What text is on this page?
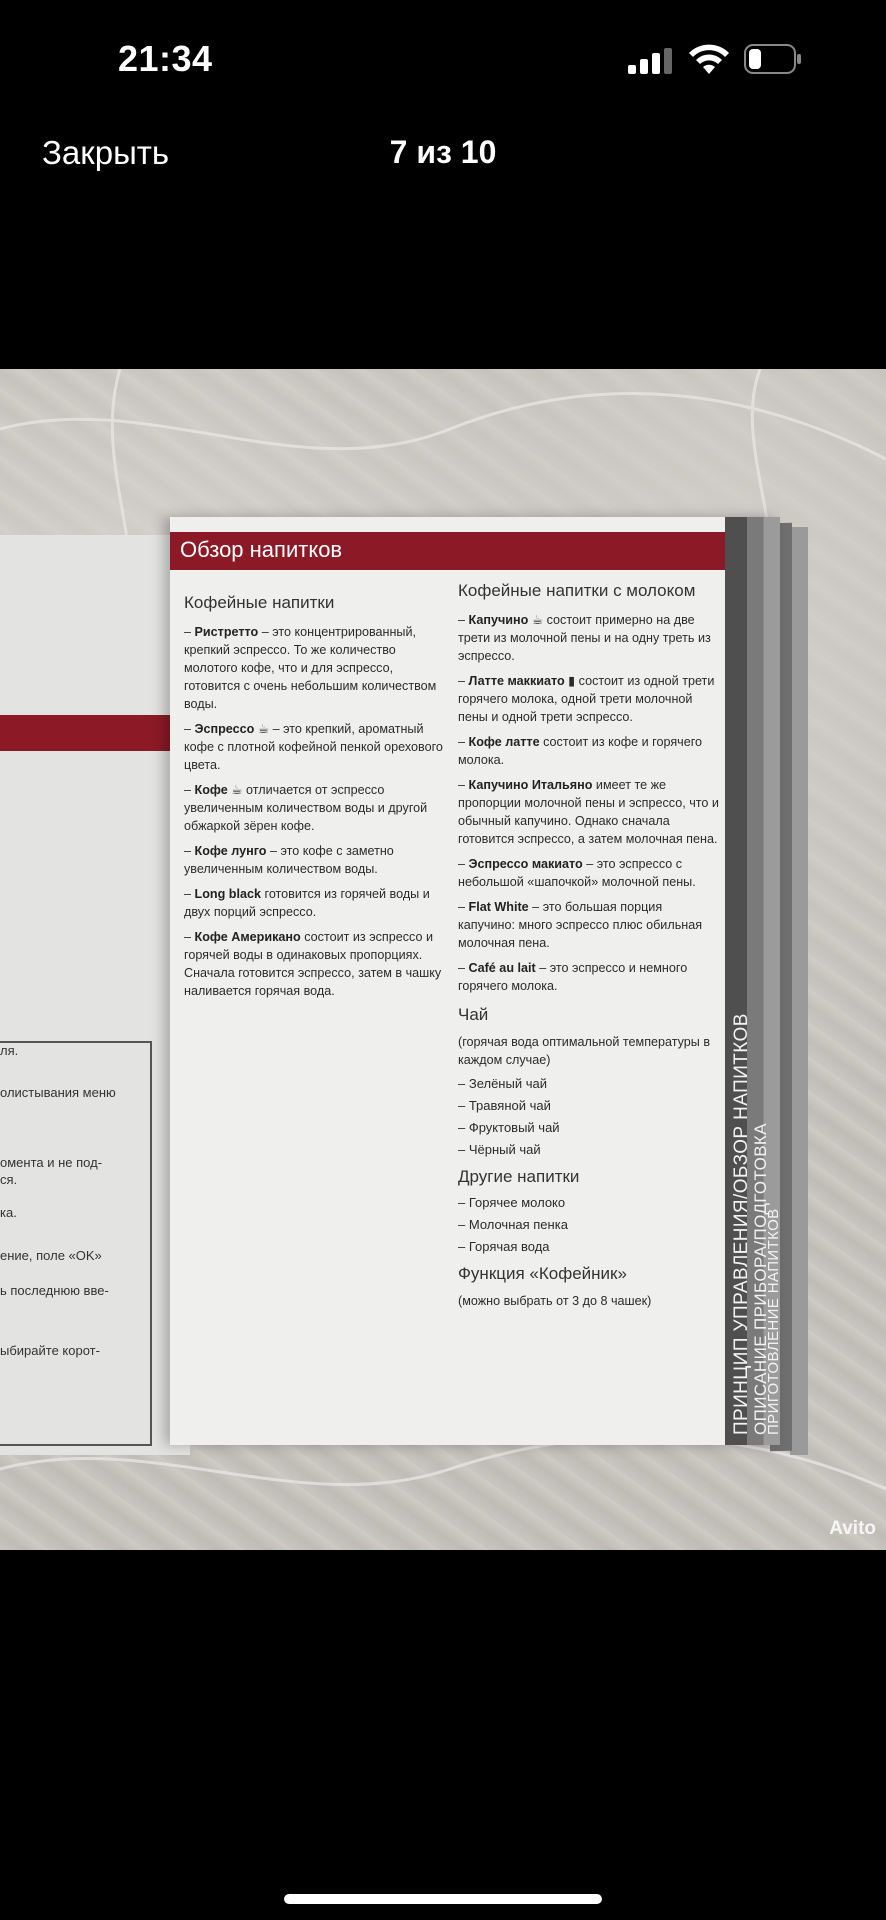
21:34
Закрыть	7 из 10
ля.
олистывания меню
омента и не под-
ся.
ка.
ение, поле «OK»
ь последнюю вве-
ыбирайте корот-
Обзор напитков
Кофейные напитки

– Ристретто – это концентрированный, крепкий эспрессо. То же количество молотого кофе, что и для эспрессо, готовится с очень небольшим количеством воды.

– Эспрессо ☕ – это крепкий, ароматный кофе с плотной кофейной пенкой орехового цвета.

– Кофе ☕ отличается от эспрессо увеличенным количеством воды и другой обжаркой зёрен кофе.

– Кофе лунго – это кофе с заметно увеличенным количеством воды.

– Long black готовится из горячей воды и двух порций эспрессо.

– Кофе Американо состоит из эспрессо и горячей воды в одинаковых пропорциях. Сначала готовится эспрессо, затем в чашку наливается горячая вода.

Кофейные напитки с молоком

– Капучино ☕ состоит примерно на две трети из молочной пены и на одну треть из эспрессо.

– Латте маккиато ▮ состоит из одной трети горячего молока, одной трети молочной пены и одной трети эспрессо.

– Кофе латте состоит из кофе и горячего молока.

– Капучино Итальяно имеет те же пропорции молочной пены и эспрессо, что и обычный капучино. Однако сначала готовится эспрессо, а затем молочная пена.

– Эспрессо макиато – это эспрессо с небольшой «шапочкой» молочной пены.

– Flat White – это большая порция капучино: много эспрессо плюс обильная молочная пена.

– Café au lait – это эспрессо и немного горячего молока.

Чай

(горячая вода оптимальной температуры в каждом случае)

– Зелёный чай
– Травяной чай
– Фруктовый чай
– Чёрный чай
Другие напитки
– Горячее молоко
– Молочная пенка
– Горячая вода
Функция «Кофейник»

(можно выбрать от 3 до 8 чашек)	ПРИНЦИП УПРАВЛЕНИЯ/ОБЗОР НАПИТКОВ ОПИСАНИЕ ПРИБОРА/ПОДГОТОВКА
ПРИГОТОВЛЕНИЕ НАПИТКОВ
Avito
